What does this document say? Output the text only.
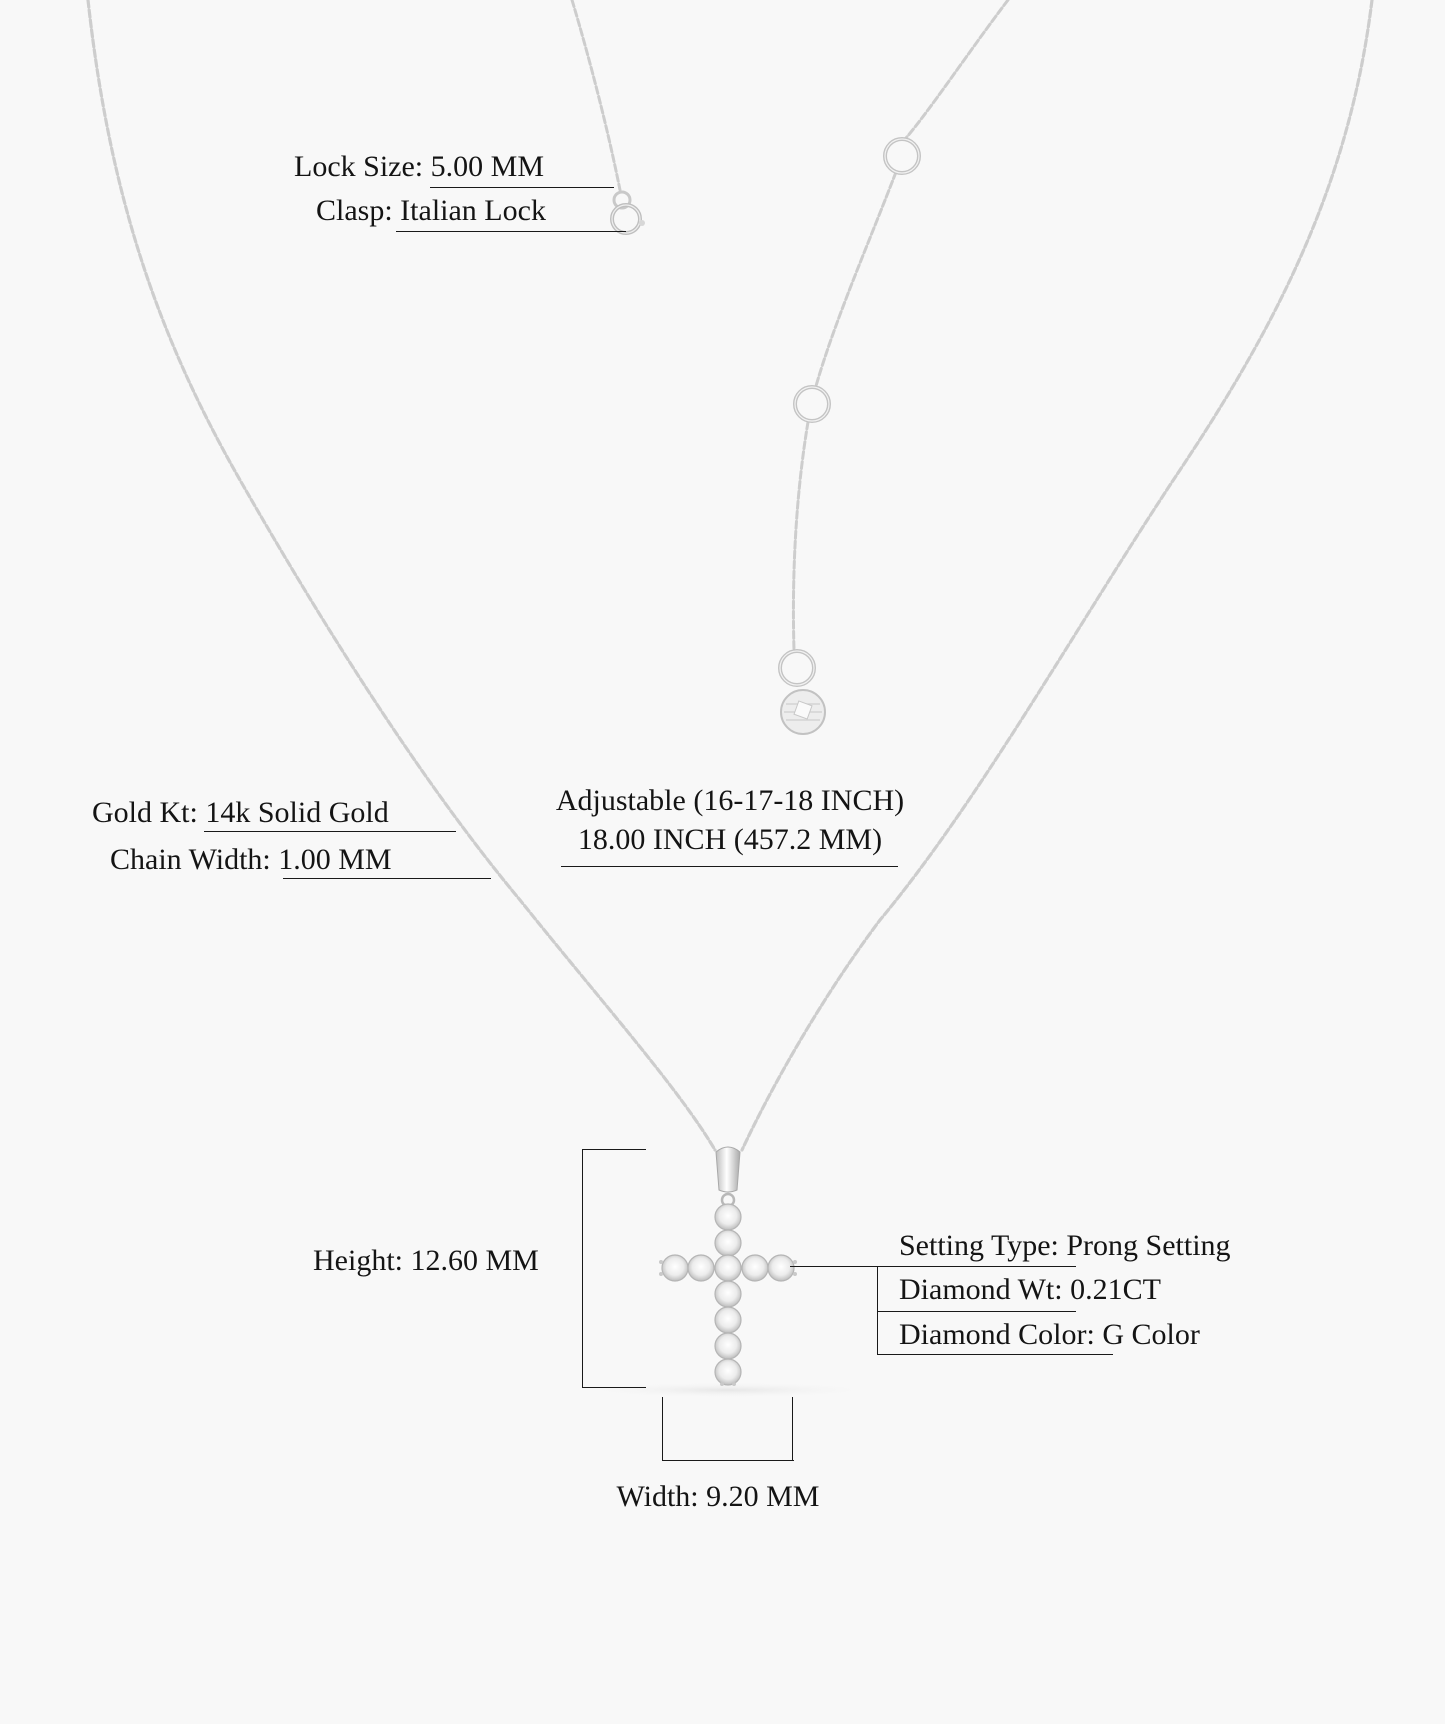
Lock Size: 5.00 MM
Clasp: Italian Lock
Gold Kt: 14k Solid Gold
Chain Width: 1.00 MM
Adjustable (16-17-18 INCH)
18.00 INCH (457.2 MM)
Height: 12.60 MM
Width: 9.20 MM
Setting Type: Prong Setting
Diamond Wt: 0.21CT
Diamond Color: G Color
